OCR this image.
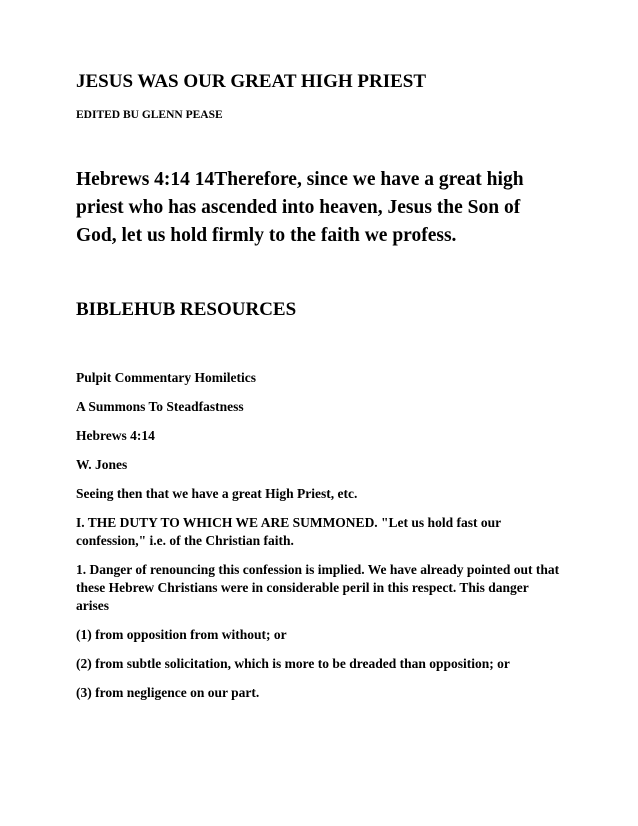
JESUS WAS OUR GREAT HIGH PRIEST

EDITED BU GLENN PEASE

Hebrews 4:14 14Therefore, since we have a great high priest who has ascended into heaven, Jesus the Son of God, let us hold firmly to the faith we profess.

BIBLEHUB RESOURCES

Pulpit Commentary Homiletics

A Summons To Steadfastness

Hebrews 4:14

W. Jones

Seeing then that we have a great High Priest, etc.

I. THE DUTY TO WHICH WE ARE SUMMONED. "Let us hold fast our confession," i.e. of the Christian faith.

1. Danger of renouncing this confession is implied. We have already pointed out that these Hebrew Christians were in considerable peril in this respect. This danger arises

(1) from opposition from without; or

(2) from subtle solicitation, which is more to be dreaded than opposition; or

(3) from negligence on our part.
